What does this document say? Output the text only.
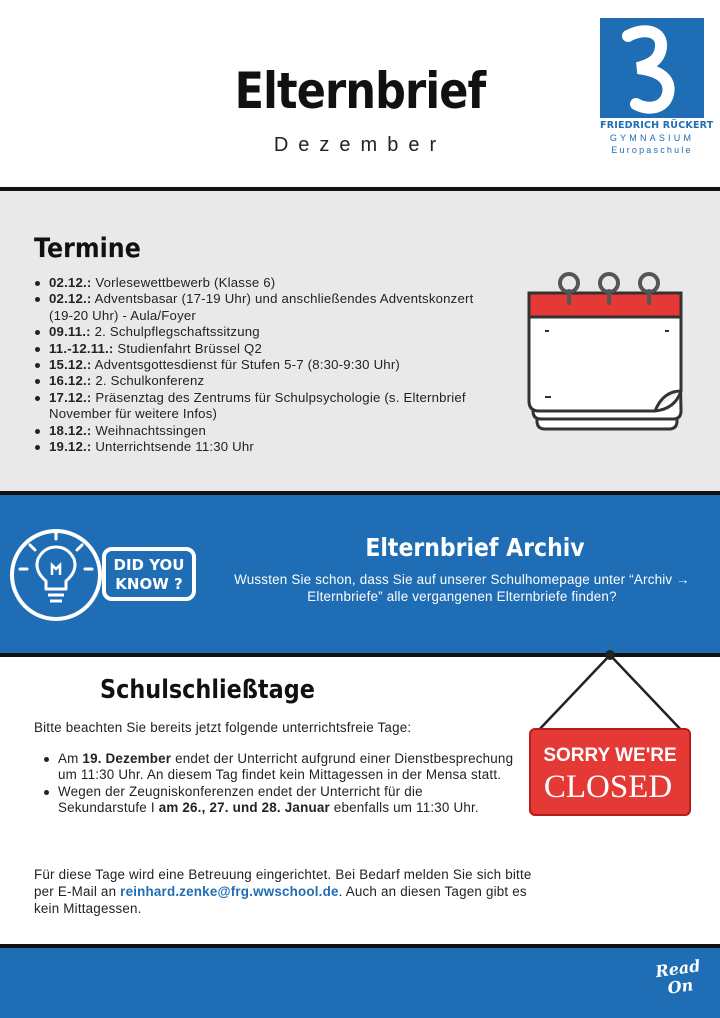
Elternbrief
Dezember
FRIEDRICH RÜCKERT
GYMNASIUM
Europaschule
Termine
02.12.: Vorlesewettbewerb (Klasse 6)
02.12.: Adventsbasar (17-19 Uhr) und anschließendes Adventskonzert (19-20 Uhr) - Aula/Foyer
09.11.: 2. Schulpflegschaftssitzung
11.-12.11.: Studienfahrt Brüssel Q2
15.12.: Adventsgottesdienst für Stufen 5-7 (8:30-9:30 Uhr)
16.12.: 2. Schulkonferenz
17.12.: Präsenztag des Zentrums für Schulpsychologie (s. Elternbrief November für weitere Infos)
18.12.: Weihnachtssingen
19.12.: Unterrichtsende 11:30 Uhr
DID YOU
KNOW ?
Elternbrief Archiv
Wussten Sie schon, dass Sie auf unserer Schulhomepage unter “Archiv → Elternbriefe” alle vergangenen Elternbriefe finden?
Schulschließtage
Bitte beachten Sie bereits jetzt folgende unterrichtsfreie Tage:
Am 19. Dezember endet der Unterricht aufgrund einer Dienstbesprechung um 11:30 Uhr. An diesem Tag findet kein Mittagessen in der Mensa statt.
Wegen der Zeugniskonferenzen endet der Unterricht für die Sekundarstufe I am 26., 27. und 28. Januar ebenfalls um 11:30 Uhr.
Für diese Tage wird eine Betreuung eingerichtet. Bei Bedarf melden Sie sich bitte per E-Mail an reinhard.zenke@frg.wwschool.de. Auch an diesen Tagen gibt es kein Mittagessen.
SORRY WE'RE
CLOSED
Read
On
